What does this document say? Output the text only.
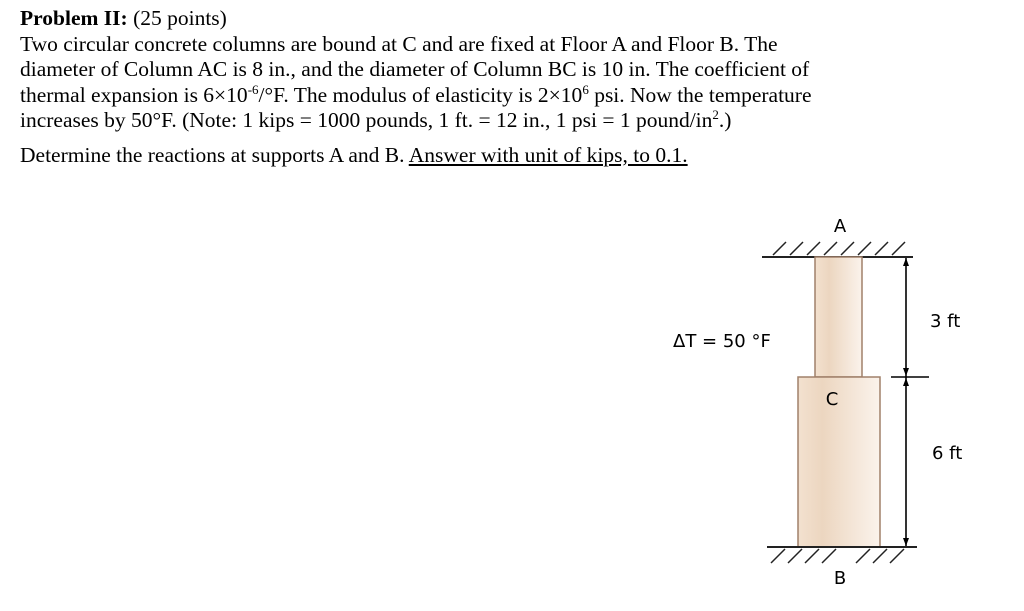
Problem II: (25 points)

Two circular concrete columns are bound at C and are fixed at Floor A and Floor B. The

diameter of Column AC is 8 in., and the diameter of Column BC is 10 in. The coefficient of

thermal expansion is $6\times 10^{-6}/^\circ F$. The modulus of elasticity is $2\times 10^6$ psi. Now the temperature

increases by 50°F. (Note: 1 kips = 1000 pounds, 1 ft. = 12 in., 1 psi = 1 pound/$in^2$.)

Determine the reactions at supports A and B. Answer with unit of kips, to 0.1.

A
C
B
ΔT = 50 °F
3 ft
6 ft
